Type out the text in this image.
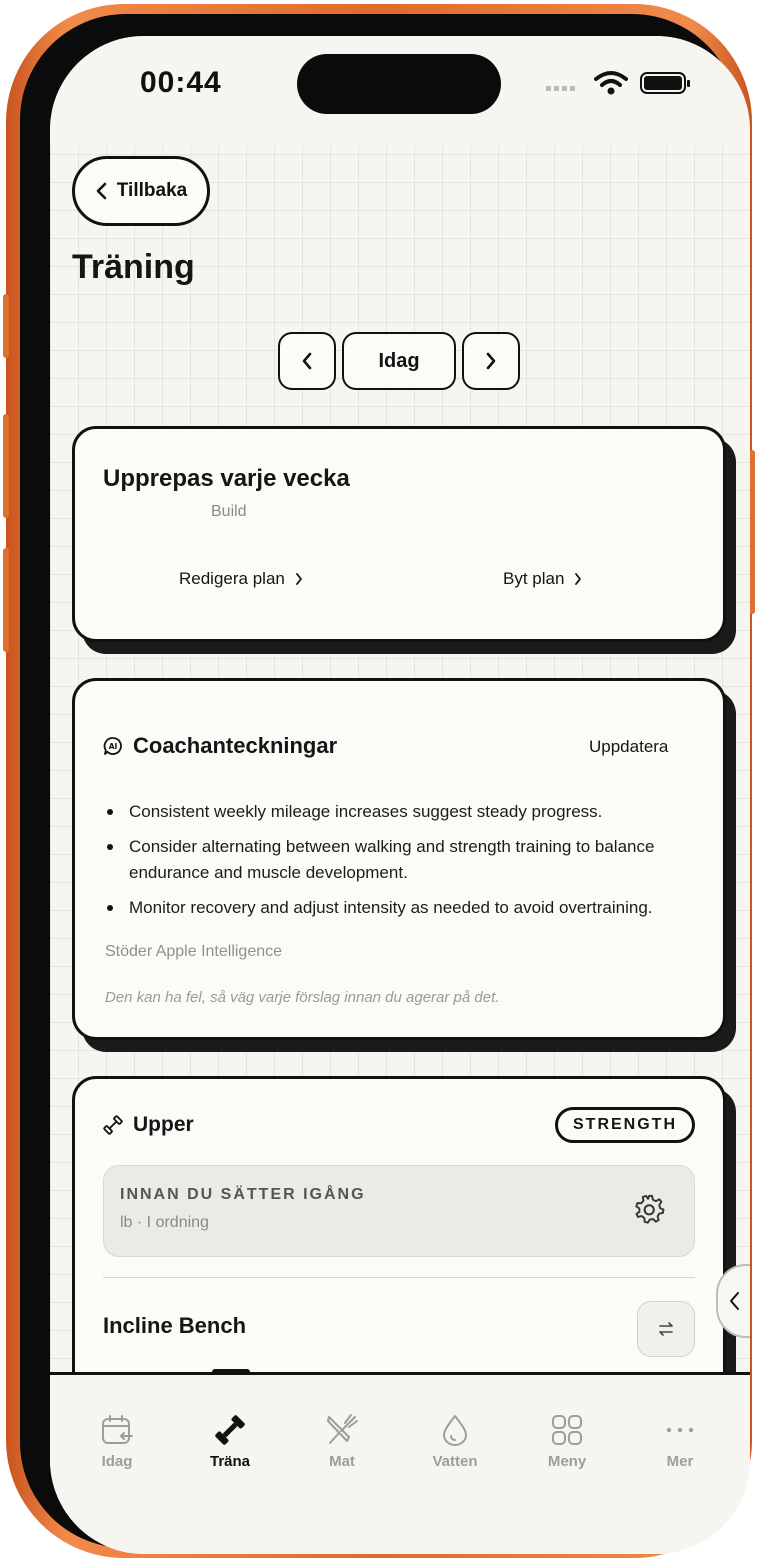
00:44
Tillbaka
Träning
Idag
Upprepas varje vecka
Build
Redigera plan	Byt plan
AI Coachanteckningar	Uppdatera
Consistent weekly mileage increases suggest steady progress.
Consider alternating between walking and strength training to balance endurance and muscle development.
Monitor recovery and adjust intensity as needed to avoid overtraining.
Stöder Apple Intelligence
Den kan ha fel, så väg varje förslag innan du agerar på det.
Upper	STRENGTH
INNAN DU SÄTTER IGÅNG
lb · I ordning
Incline Bench
Idag	Träna	Mat	Vatten	Meny	Mer
